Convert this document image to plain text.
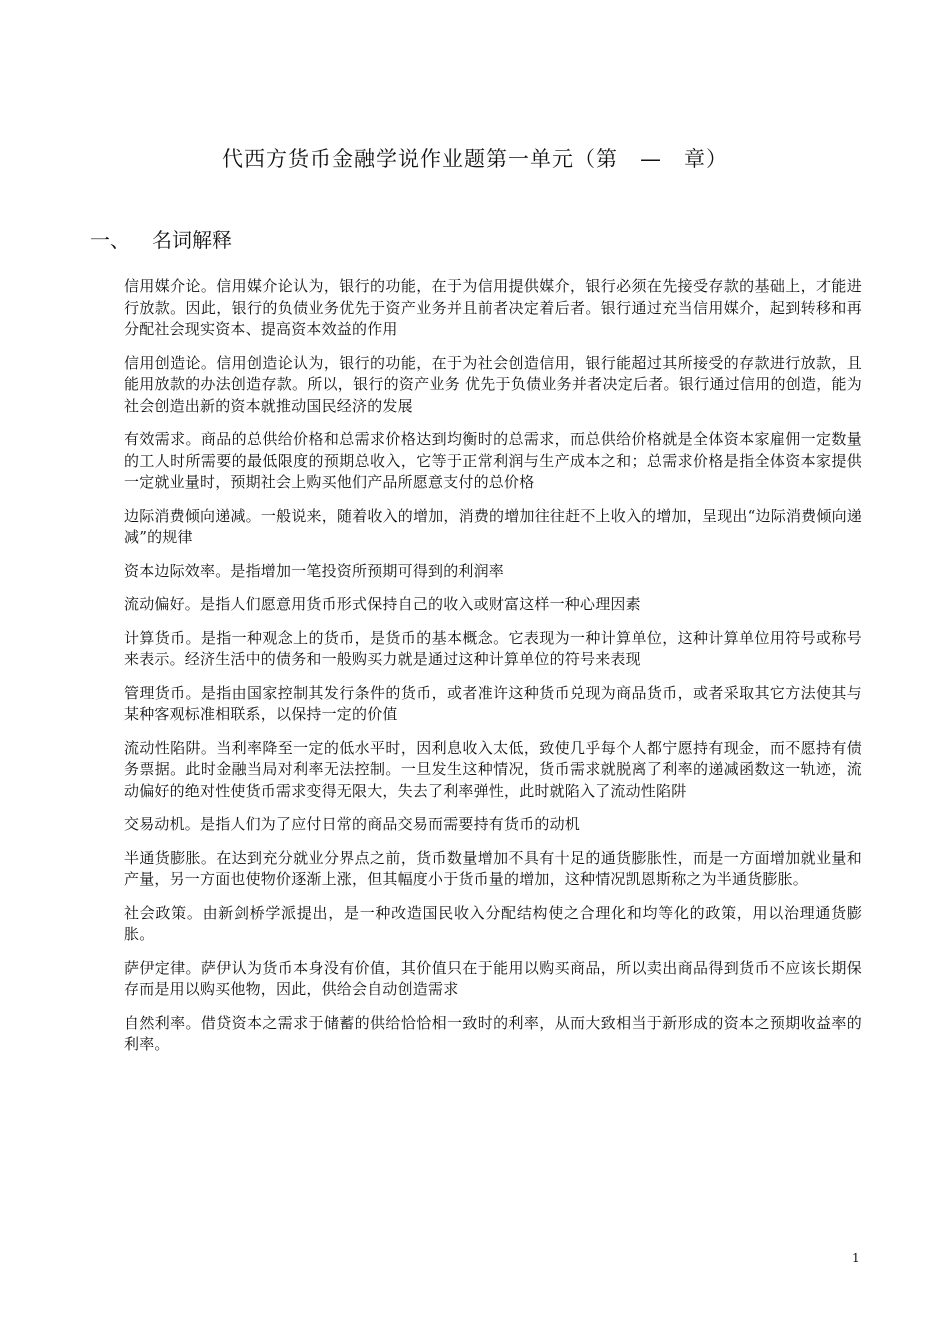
代西方货币金融学说作业题第一单元（第　—　章）
一、 名词解释

信用媒介论。信用媒介论认为，银行的功能，在于为信用提供媒介，银行必须在先接受存款的基础上，才能进行放款。因此，银行的负债业务优先于资产业务并且前者决定着后者。银行通过充当信用媒介，起到转移和再分配社会现实资本、提高资本效益的作用

信用创造论。信用创造论认为，银行的功能，在于为社会创造信用，银行能超过其所接受的存款进行放款，且能用放款的办法创造存款。所以，银行的资产业务 优先于负债业务并者决定后者。银行通过信用的创造，能为社会创造出新的资本就推动国民经济的发展

有效需求。商品的总供给价格和总需求价格达到均衡时的总需求，而总供给价格就是全体资本家雇佣一定数量的工人时所需要的最低限度的预期总收入，它等于正常利润与生产成本之和；总需求价格是指全体资本家提供一定就业量时，预期社会上购买他们产品所愿意支付的总价格

边际消费倾向递减。一般说来，随着收入的增加，消费的增加往往赶不上收入的增加，呈现出“边际消费倾向递减”的规律

资本边际效率。是指增加一笔投资所预期可得到的利润率

流动偏好。是指人们愿意用货币形式保持自己的收入或财富这样一种心理因素

计算货币。是指一种观念上的货币，是货币的基本概念。它表现为一种计算单位，这种计算单位用符号或称号来表示。经济生活中的债务和一般购买力就是通过这种计算单位的符号来表现

管理货币。是指由国家控制其发行条件的货币，或者准许这种货币兑现为商品货币，或者采取其它方法使其与某种客观标准相联系，以保持一定的价值

流动性陷阱。当利率降至一定的低水平时，因利息收入太低，致使几乎每个人都宁愿持有现金，而不愿持有债务票据。此时金融当局对利率无法控制。一旦发生这种情况，货币需求就脱离了利率的递减函数这一轨迹，流动偏好的绝对性使货币需求变得无限大，失去了利率弹性，此时就陷入了流动性陷阱

交易动机。是指人们为了应付日常的商品交易而需要持有货币的动机

半通货膨胀。在达到充分就业分界点之前，货币数量增加不具有十足的通货膨胀性，而是一方面增加就业量和产量，另一方面也使物价逐渐上涨，但其幅度小于货币量的增加，这种情况凯恩斯称之为半通货膨胀。

社会政策。由新剑桥学派提出，是一种改造国民收入分配结构使之合理化和均等化的政策，用以治理通货膨胀。

萨伊定律。萨伊认为货币本身没有价值，其价值只在于能用以购买商品，所以卖出商品得到货币不应该长期保存而是用以购买他物，因此，供给会自动创造需求

自然利率。借贷资本之需求于储蓄的供给恰恰相一致时的利率，从而大致相当于新形成的资本之预期收益率的利率。

1
